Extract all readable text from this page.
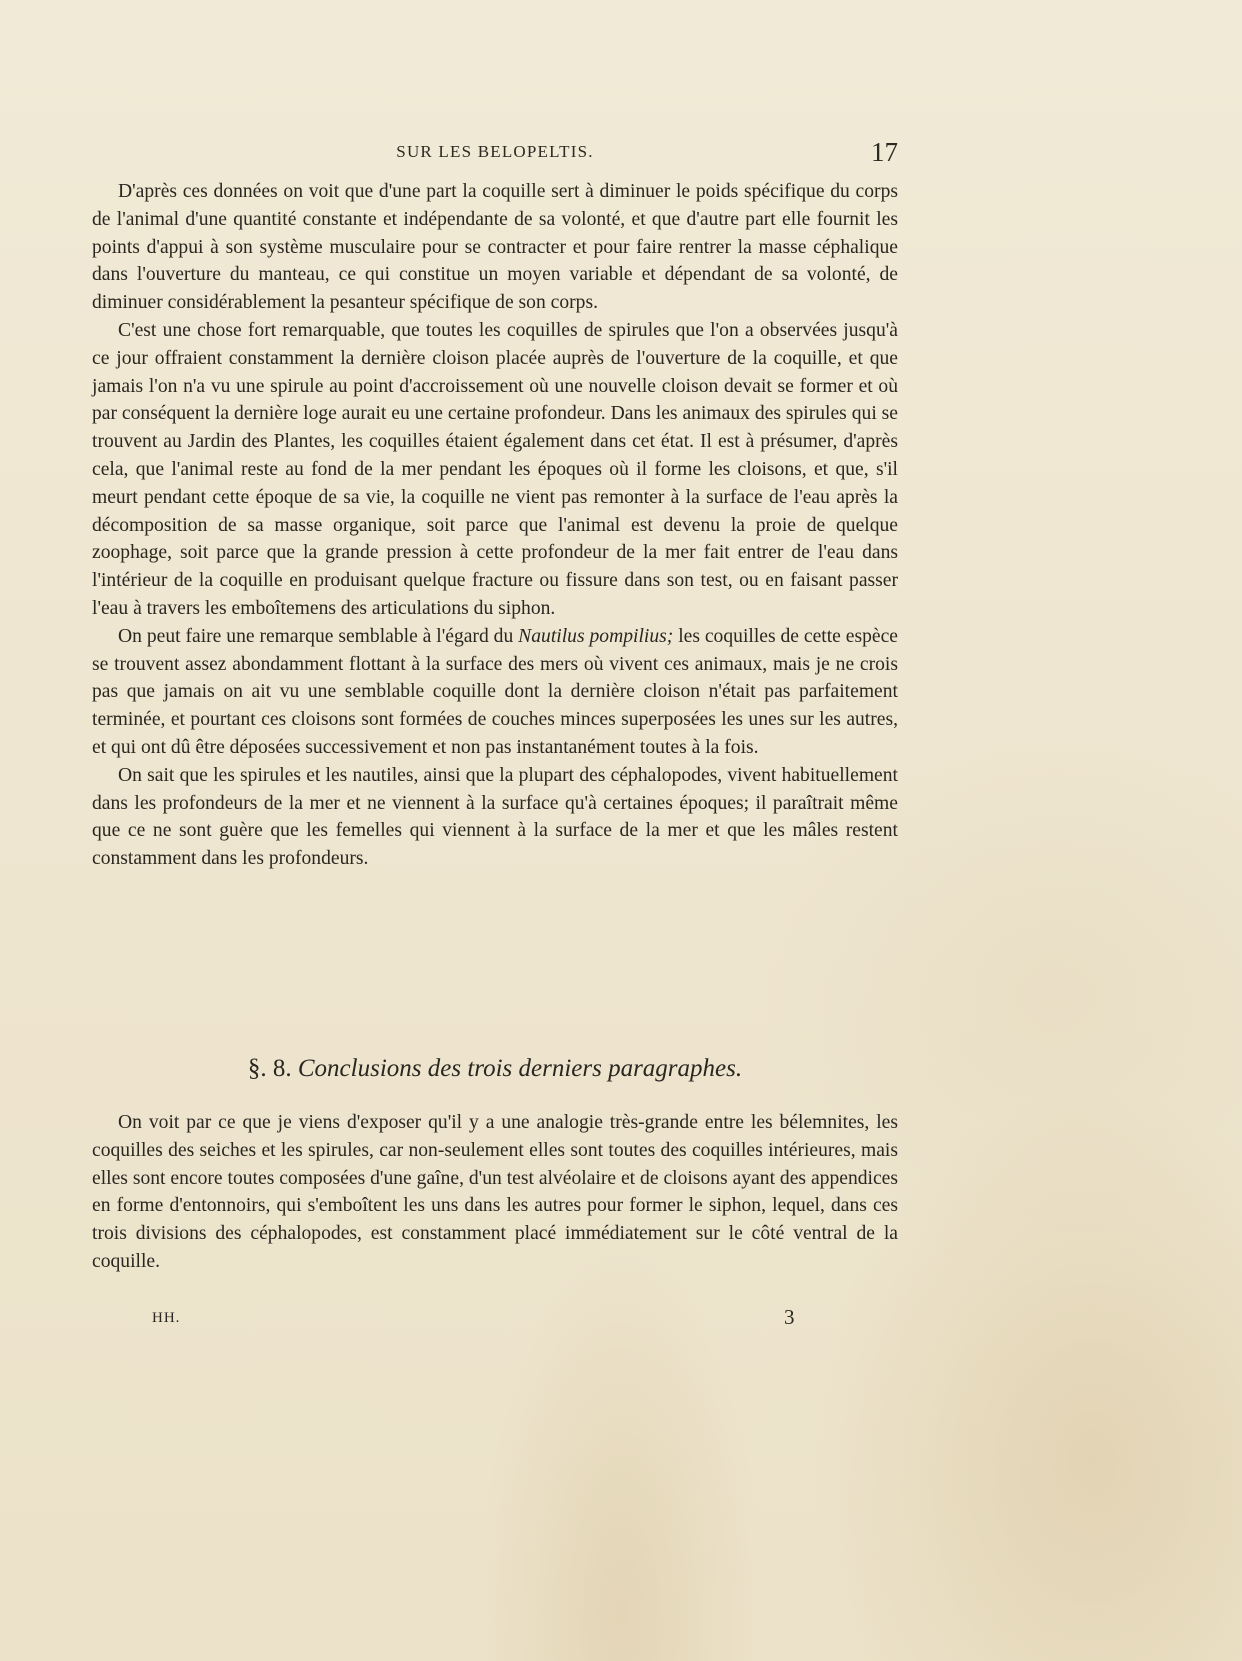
SUR LES BELOPELTIS.	17

D'après ces données on voit que d'une part la coquille sert à diminuer le poids spécifique du corps de l'animal d'une quantité constante et indépendante de sa volonté, et que d'autre part elle fournit les points d'appui à son système musculaire pour se contracter et pour faire rentrer la masse céphalique dans l'ouverture du manteau, ce qui constitue un moyen variable et dépendant de sa volonté, de diminuer considérablement la pesanteur spécifique de son corps.

C'est une chose fort remarquable, que toutes les coquilles de spirules que l'on a observées jusqu'à ce jour offraient constamment la dernière cloison placée auprès de l'ouverture de la coquille, et que jamais l'on n'a vu une spirule au point d'accroissement où une nouvelle cloison devait se former et où par conséquent la dernière loge aurait eu une certaine profondeur. Dans les animaux des spirules qui se trouvent au Jardin des Plantes, les coquilles étaient également dans cet état. Il est à présumer, d'après cela, que l'animal reste au fond de la mer pendant les époques où il forme les cloisons, et que, s'il meurt pendant cette époque de sa vie, la coquille ne vient pas remonter à la surface de l'eau après la décomposition de sa masse organique, soit parce que l'animal est devenu la proie de quelque zoophage, soit parce que la grande pression à cette profondeur de la mer fait entrer de l'eau dans l'intérieur de la coquille en produisant quelque fracture ou fissure dans son test, ou en faisant passer l'eau à travers les emboîtemens des articulations du siphon.

On peut faire une remarque semblable à l'égard du Nautilus pompilius; les coquilles de cette espèce se trouvent assez abondamment flottant à la surface des mers où vivent ces animaux, mais je ne crois pas que jamais on ait vu une semblable coquille dont la dernière cloison n'était pas parfaitement terminée, et pourtant ces cloisons sont formées de couches minces superposées les unes sur les autres, et qui ont dû être déposées successivement et non pas instantanément toutes à la fois.

On sait que les spirules et les nautiles, ainsi que la plupart des céphalopodes, vivent habituellement dans les profondeurs de la mer et ne viennent à la surface qu'à certaines époques; il paraîtrait même que ce ne sont guère que les femelles qui viennent à la surface de la mer et que les mâles restent constamment dans les profondeurs.

§. 8. Conclusions des trois derniers paragraphes.

On voit par ce que je viens d'exposer qu'il y a une analogie très-grande entre les bélemnites, les coquilles des seiches et les spirules, car non-seulement elles sont toutes des coquilles intérieures, mais elles sont encore toutes composées d'une gaîne, d'un test alvéolaire et de cloisons ayant des appendices en forme d'entonnoirs, qui s'emboîtent les uns dans les autres pour former le siphon, lequel, dans ces trois divisions des céphalopodes, est constamment placé immédiatement sur le côté ventral de la coquille.

HH.	3
